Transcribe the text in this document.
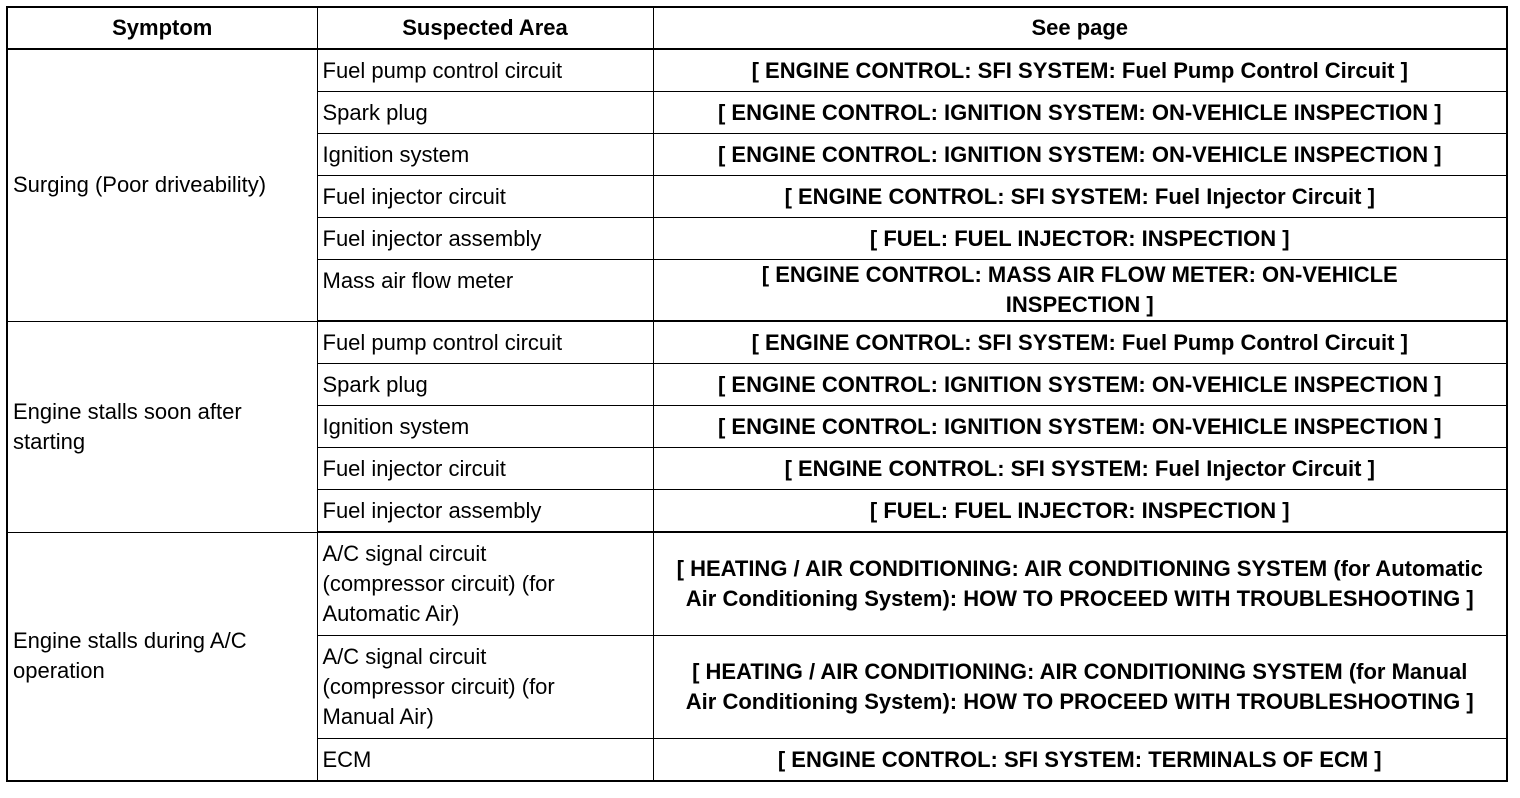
Symptom	Suspected Area	See page
Surging (Poor driveability)	Fuel pump control circuit	[ ENGINE CONTROL: SFI SYSTEM: Fuel Pump Control Circuit ]
	Spark plug	[ ENGINE CONTROL: IGNITION SYSTEM: ON-VEHICLE INSPECTION ]
	Ignition system	[ ENGINE CONTROL: IGNITION SYSTEM: ON-VEHICLE INSPECTION ]
	Fuel injector circuit	[ ENGINE CONTROL: SFI SYSTEM: Fuel Injector Circuit ]
	Fuel injector assembly	[ FUEL: FUEL INJECTOR: INSPECTION ]
	Mass air flow meter	[ ENGINE CONTROL: MASS AIR FLOW METER: ON-VEHICLE INSPECTION ]
Engine stalls soon after starting	Fuel pump control circuit	[ ENGINE CONTROL: SFI SYSTEM: Fuel Pump Control Circuit ]
	Spark plug	[ ENGINE CONTROL: IGNITION SYSTEM: ON-VEHICLE INSPECTION ]
	Ignition system	[ ENGINE CONTROL: IGNITION SYSTEM: ON-VEHICLE INSPECTION ]
	Fuel injector circuit	[ ENGINE CONTROL: SFI SYSTEM: Fuel Injector Circuit ]
	Fuel injector assembly	[ FUEL: FUEL INJECTOR: INSPECTION ]
Engine stalls during A/C operation	A/C signal circuit (compressor circuit) (for Automatic Air)	[ HEATING / AIR CONDITIONING: AIR CONDITIONING SYSTEM (for Automatic Air Conditioning System): HOW TO PROCEED WITH TROUBLESHOOTING ]
	A/C signal circuit (compressor circuit) (for Manual Air)	[ HEATING / AIR CONDITIONING: AIR CONDITIONING SYSTEM (for Manual Air Conditioning System): HOW TO PROCEED WITH TROUBLESHOOTING ]
	ECM	[ ENGINE CONTROL: SFI SYSTEM: TERMINALS OF ECM ]
